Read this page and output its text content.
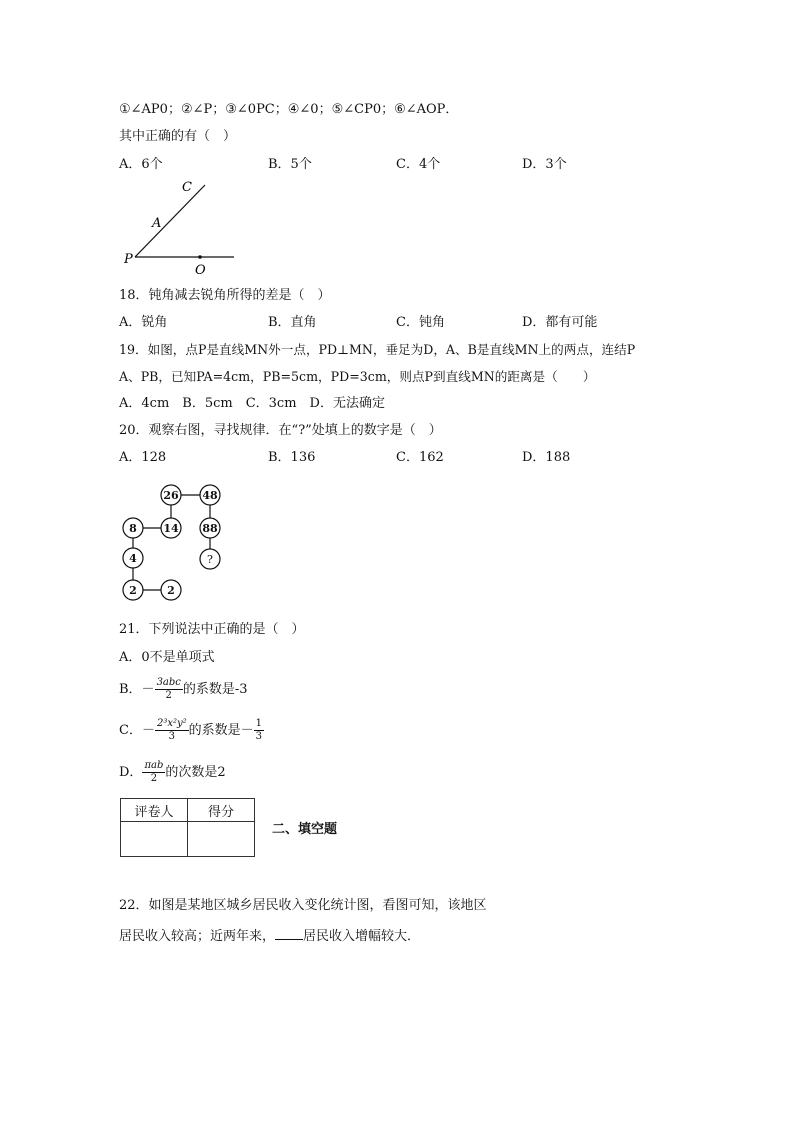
①∠AP0；②∠P；③∠0PC；④∠0；⑤∠CP0；⑥∠AOP．
其中正确的有（　）
A．6个	B．5个	C．4个	D．3个
C
A
P
O
18．钝角减去锐角所得的差是（　）
A．锐角	B．直角	C．钝角	D．都有可能
19．如图，点P是直线MN外一点，PD⊥MN，垂足为D，A、B是直线MN上的两点，连结P
A、PB，已知PA=4cm，PB=5cm，PD=3cm，则点P到直线MN的距离是（　　）
A．4cm　B．5cm　C．3cm　D．无法确定
20．观察右图，寻找规律．在“?”处填上的数字是（　）
A．128	B．136	C．162	D．188
26 48
8 14 88
4	?
2	2
21．下列说法中正确的是（　）
A．0不是单项式
B．－ $\frac{\text{3abc}}{2}$ 的系数是-3
C．－ $\frac{\text{2³x²y²}}{3}$ 的系数是－ $\frac{1}{3}$
D． $\frac{\text{πab}}{2}$ 的次数是2
评卷人	得分

二、填空题
22．如图是某地区城乡居民收入变化统计图，看图可知，该地区
居民收入较高；近两年来， 居民收入增幅较大．
